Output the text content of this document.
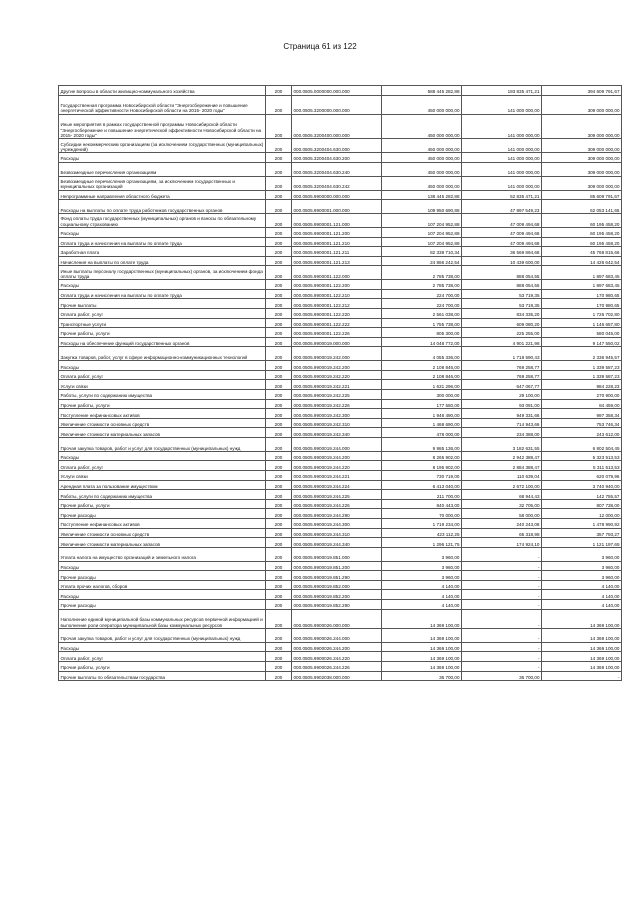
Страница 61 из 122
Другие вопросы в области жилищно-коммунального хозяйства	200	000.0505.0000000.000.000	588 445 282,88	193 835 471,21	394 609 791,67
Государственная программа Новосибирской области "Энергосбережение и повышение энергетической эффективности Новосибирской области на 2015- 2020 годы"	200	000.0505.3200000.000.000	450 000 000,00	141 000 000,00	309 000 000,00
Иные мероприятия в рамках государственной программы Новосибирской области "Энергосбережение и повышение энергетической эффективности Новосибирской области на 2015- 2020 годы"	200	000.0505.3200400.000.000	450 000 000,00	141 000 000,00	309 000 000,00
Субсидии некоммерческим организациям (за исключением государственных (муниципальных) учреждений)	200	000.0505.3200404.630.000	450 000 000,00	141 000 000,00	309 000 000,00
Расходы	200	000.0505.3200404.630.200	450 000 000,00	141 000 000,00	309 000 000,00
Безвозмездные перечисления организациям	200	000.0505.3200404.630.240	450 000 000,00	141 000 000,00	309 000 000,00
Безвозмездные перечисления организациям, за исключением государственных и муниципальных организаций	200	000.0505.3200404.630.242	450 000 000,00	141 000 000,00	309 000 000,00
Непрограммные направления областного бюджета	200	000.0505.9900000.000.000	138 445 282,88	52 835 471,21	85 609 791,67
Расходы на выплаты по оплате труда работников государственных органов	200	000.0505.9900001.000.000	109 950 690,88	47 897 549,23	62 053 141,65
Фонд оплаты труда государственных (муниципальных) органов и взносы по обязательному социальному страхованию	200	000.0505.9900001.121.000	107 204 952,88	47 009 494,68	60 195 458,20
Расходы	200	000.0505.9900001.121.200	107 204 952,88	47 009 494,68	60 195 458,20
Оплата труда и начисления на выплаты по оплате труда	200	000.0505.9900001.121.210	107 204 952,88	47 009 494,68	60 195 458,20
Заработная плата	200	000.0505.9900001.121.211	82 338 710,34	36 569 894,68	45 768 815,66
Начисления на выплаты по оплате труда	200	000.0505.9900001.121.213	24 866 242,54	10 439 600,00	14 426 642,54
Иные выплаты персоналу государственных (муниципальных) органов, за исключением фонда оплаты труда	200	000.0505.9900001.122.000	2 785 738,00	888 054,55	1 897 683,45
Расходы	200	000.0505.9900001.122.200	2 785 738,00	888 054,55	1 897 683,45
Оплата труда и начисления на выплаты по оплате труда	200	000.0505.9900001.122.210	224 700,00	53 719,35	170 980,65
Прочие выплаты	200	000.0505.9900001.122.212	224 700,00	53 719,35	170 980,65
Оплата работ, услуг	200	000.0505.9900001.122.220	2 561 038,00	834 335,20	1 726 702,80
Транспортные услуги	200	000.0505.9900001.122.222	1 755 738,00	609 080,20	1 146 657,80
Прочие работы, услуги	200	000.0505.9900001.122.226	805 300,00	225 255,00	580 045,00
Расходы на обеспечение функций государственных органов	200	000.0505.9900019.000.000	14 048 772,00	4 901 221,98	9 147 550,02
Закупка товаров, работ, услуг в сфере информационно-коммуникационных технологий	200	000.0505.9900019.242.000	4 055 336,00	1 718 590,43	2 336 945,57
Расходы	200	000.0505.9900019.242.200	2 108 846,00	769 258,77	1 339 587,23
Оплата работ, услуг	200	000.0505.9900019.242.220	2 108 846,00	769 258,77	1 339 587,23
Услуги связи	200	000.0505.9900019.242.221	1 631 296,00	647 067,77	984 228,23
Работы, услуги по содержанию имущества	200	000.0505.9900019.242.225	300 000,00	29 100,00	270 900,00
Прочие работы, услуги	200	000.0505.9900019.242.226	177 550,00	93 091,00	84 459,00
Поступление нефинансовых активов	200	000.0505.9900019.242.300	1 946 490,00	949 331,66	997 358,34
Увеличение стоимости основных средств	200	000.0505.9900019.242.310	1 468 690,00	714 943,66	753 746,34
Увеличение стоимости материальных запасов	200	000.0505.9900019.242.340	478 000,00	234 388,00	243 612,00
Прочая закупка товаров, работ и услуг для государственных (муниципальных) нужд	200	000.0505.9900019.244.000	9 985 136,00	3 182 631,55	6 802 504,45
Расходы	200	000.0505.9900019.244.200	8 265 902,00	2 942 388,47	5 323 513,53
Оплата работ, услуг	200	000.0505.9900019.244.220	8 195 902,00	2 884 388,47	5 311 513,53
Услуги связи	200	000.0505.9900019.244.221	730 719,00	110 639,04	620 079,96
Арендная плата за пользование имуществом	200	000.0505.9900019.244.224	6 413 040,00	2 672 100,00	3 740 940,00
Работы, услуги по содержанию имущества	200	000.0505.9900019.244.225	211 700,00	68 944,43	142 755,57
Прочие работы, услуги	200	000.0505.9900019.244.226	840 443,00	32 705,00	807 738,00
Прочие расходы	200	000.0505.9900019.244.290	70 000,00	58 000,00	12 000,00
Поступление нефинансовых активов	200	000.0505.9900019.244.300	1 719 234,00	240 243,08	1 478 990,92
Увеличение стоимости основных средств	200	000.0505.9900019.244.310	423 112,25	65 318,98	357 793,27
Увеличение стоимости материальных запасов	200	000.0505.9900019.244.340	1 296 121,75	174 924,10	1 121 197,65
Уплата налога на имущество организаций и земельного налога	200	000.0505.9900019.851.000	3 960,00	-	3 960,00
Расходы	200	000.0505.9900019.851.200	3 960,00	-	3 960,00
Прочие расходы	200	000.0505.9900019.851.290	3 960,00	-	3 960,00
Уплата прочих налогов, сборов	200	000.0505.9900019.852.000	4 140,00	-	4 140,00
Расходы	200	000.0505.9900019.852.200	4 140,00	-	4 140,00
Прочие расходы	200	000.0505.9900019.852.290	4 140,00	-	4 140,00
Наполнение единой муниципальной базы коммунальных ресурсов первичной информацией и выполнение роли оператора муниципальной базы коммунальных ресурсов	200	000.0505.9900026.000.000	14 369 100,00	-	14 369 100,00
Прочая закупка товаров, работ и услуг для государственных (муниципальных) нужд	200	000.0505.9900026.244.000	14 369 100,00	-	14 369 100,00
Расходы	200	000.0505.9900026.244.200	14 369 100,00	-	14 369 100,00
Оплата работ, услуг	200	000.0505.9900026.244.220	14 369 100,00	-	14 369 100,00
Прочие работы, услуги	200	000.0505.9900026.244.226	14 369 100,00	-	14 369 100,00
Прочие выплаты по обязательствам государства	200	000.0505.9902038.000.000	36 700,00	36 700,00	-
